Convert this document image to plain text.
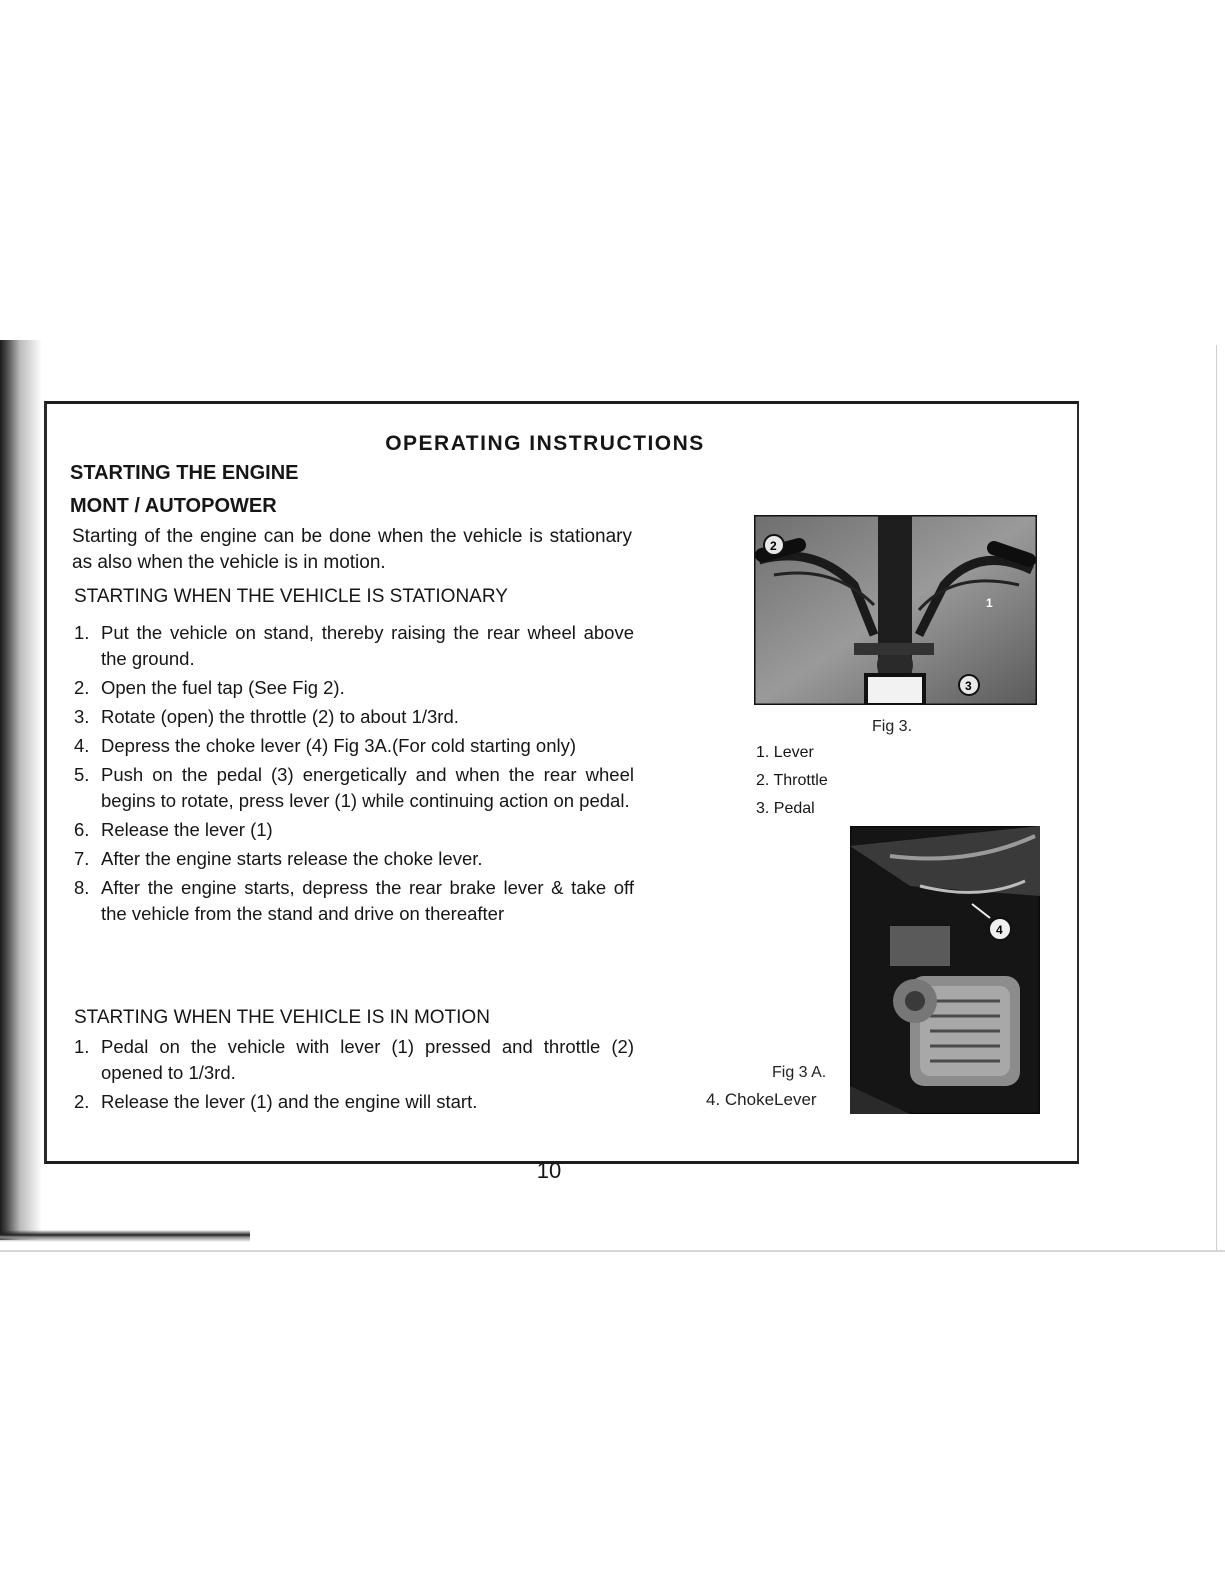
OPERATING INSTRUCTIONS
STARTING THE ENGINE
MONT / AUTOPOWER
Starting of the engine can be done when the vehicle is stationary as also when the vehicle is in motion.
STARTING WHEN THE VEHICLE IS STATIONARY
1. Put the vehicle on stand, thereby raising the rear wheel above the ground.
2. Open the fuel tap (See Fig 2).
3. Rotate (open) the throttle (2) to about 1/3rd.
4. Depress the choke lever (4) Fig 3A.(For cold starting only)
5. Push on the pedal (3) energetically and when the rear wheel begins to rotate, press lever (1) while continuing action on pedal.
6. Release the lever (1)
7. After the engine starts release the choke lever.
8. After the engine starts, depress the rear brake lever & take off the vehicle from the stand and drive on thereafter
STARTING WHEN THE VEHICLE IS IN MOTION
1. Pedal on the vehicle with lever (1) pressed and throttle (2) opened to 1/3rd.
2. Release the lever (1) and the engine will start.
2
1
3
Fig 3.
1. Lever
2. Throttle
3. Pedal
4
Fig 3 A.
4. ChokeLever
10
